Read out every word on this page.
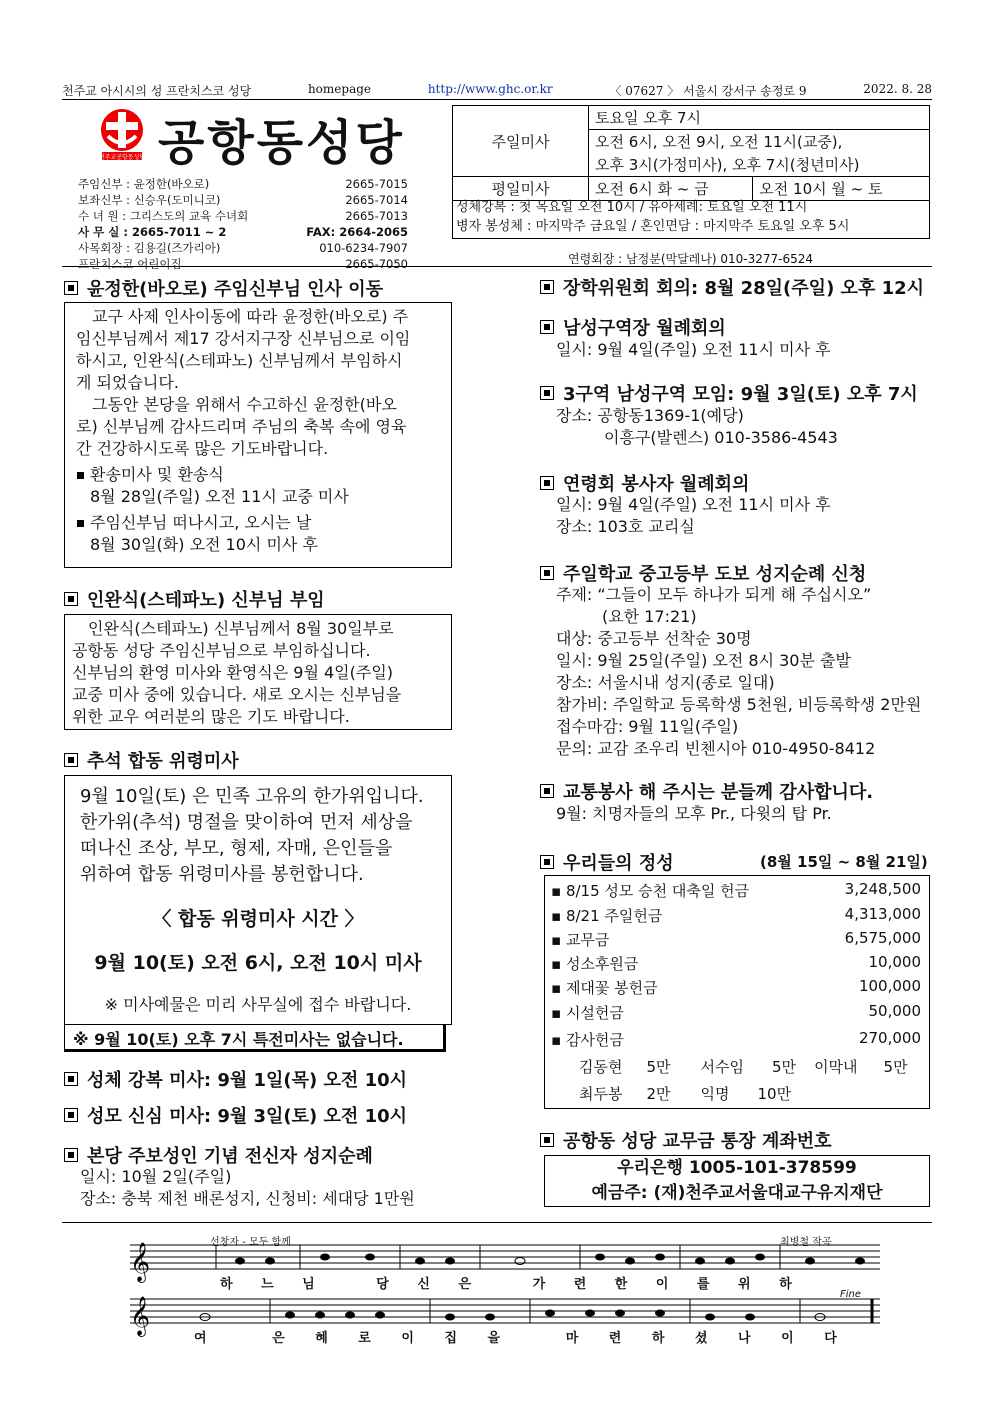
천주교 아시시의 성 프란치스코 성당	homepage	http://www.ghc.or.kr	〈 07627 〉 서울시 강서구 송정로 9	2022. 8. 28
천주교공항동성당 공항동성당
주임신부 : 윤정한(바오로)	2665-7015
보좌신부 : 신승우(도미니코)	2665-7014
수 녀 원 : 그리스도의 교육 수녀회	2665-7013
사 무 실 : 2665-7011 ~ 2	FAX: 2664-2065
사목회장 : 김용길(즈가리아)	010-6234-7907
프란치스코 어린이집	2665-7050
주일미사	토요일 오후 7시	
	오전 6시, 오전 9시, 오전 11시(교중),	
	오후 3시(가정미사), 오후 7시(청년미사)	
평일미사	오전 6시 화 ~ 금	오전 10시 월 ~ 토
성체강복 : 첫 목요일 오전 10시 / 유아세례: 토요일 오전 11시
병자 봉성체 : 마지막주 금요일 / 혼인면담 : 마지막주 토요일 오후 5시
연령회장 : 남정분(막달레나) 010-3277-6524
윤정한(바오로) 주임신부님 인사 이동
교구 사제 인사이동에 따라 윤정한(바오로) 주
임신부님께서 제17 강서지구장 신부님으로 이임
하시고, 인완식(스테파노) 신부님께서 부임하시
게 되었습니다.
그동안 본당을 위해서 수고하신 윤정한(바오
로) 신부님께 감사드리며 주님의 축복 속에 영육
간 건강하시도록 많은 기도바랍니다.
환송미사 및 환송식
8월 28일(주일) 오전 11시 교중 미사
주임신부님 떠나시고, 오시는 날
8월 30일(화) 오전 10시 미사 후
인완식(스테파노) 신부님 부임
인완식(스테파노) 신부님께서 8월 30일부로
공항동 성당 주임신부님으로 부임하십니다.
신부님의 환영 미사와 환영식은 9월 4일(주일)
교중 미사 중에 있습니다. 새로 오시는 신부님을
위한 교우 여러분의 많은 기도 바랍니다.
추석 합동 위령미사
9월 10일(토) 은 민족 고유의 한가위입니다.
한가위(추석) 명절을 맞이하여 먼저 세상을
떠나신 조상, 부모, 형제, 자매, 은인들을
위하여 합동 위령미사를 봉헌합니다.
〈 합동 위령미사 시간 〉
9월 10(토) 오전 6시, 오전 10시 미사
※ 미사예물은 미리 사무실에 접수 바랍니다.
※ 9월 10(토) 오후 7시 특전미사는 없습니다.
성체 강복 미사: 9월 1일(목) 오전 10시
성모 신심 미사: 9월 3일(토) 오전 10시
본당 주보성인 기념 전신자 성지순례
일시: 10월 2일(주일)
장소: 충북 제천 배론성지, 신청비: 세대당 1만원
장학위원회 회의: 8월 28일(주일) 오후 12시
남성구역장 월례회의
일시: 9월 4일(주일) 오전 11시 미사 후
3구역 남성구역 모임: 9월 3일(토) 오후 7시
장소: 공항동1369-1(예당)
이흥구(발렌스) 010-3586-4543
연령회 봉사자 월례회의
일시: 9월 4일(주일) 오전 11시 미사 후
장소: 103호 교리실
주일학교 중고등부 도보 성지순례 신청
주제: “그들이 모두 하나가 되게 해 주십시오”
(요한 17:21)
대상: 중고등부 선착순 30명
일시: 9월 25일(주일) 오전 8시 30분 출발
장소: 서울시내 성지(종로 일대)
참가비: 주일학교 등록학생 5천원, 비등록학생 2만원
접수마감: 9월 11일(주일)
문의: 교감 조우리 빈첸시아 010-4950-8412
교통봉사 해 주시는 분들께 감사합니다.
9월: 치명자들의 모후 Pr., 다윗의 탑 Pr.
우리들의 정성	(8월 15일 ~ 8월 21일)
▪ 8/15 성모 승천 대축일 헌금	3,248,500
▪ 8/21 주일헌금	4,313,000
▪ 교무금	6,575,000
▪ 성소후원금	10,000
▪ 제대꽃 봉헌금	100,000
▪ 시설헌금	50,000
▪ 감사헌금	270,000
김동현 5만 서수임 5만 이막내 5만
최두봉 2만 익명 10만
공항동 성당 교무금 통장 계좌번호
우리은행 1005-101-378599
예금주: (재)천주교서울대교구유지재단
𝄞
𝄞
선창자 - 모두 함께	최병철 작곡
하 느 님   당 신 은   가 련 한 이 를 위 하
여   은 혜 로 이 집 을   마 련 하 셨 나 이 다
Fine
